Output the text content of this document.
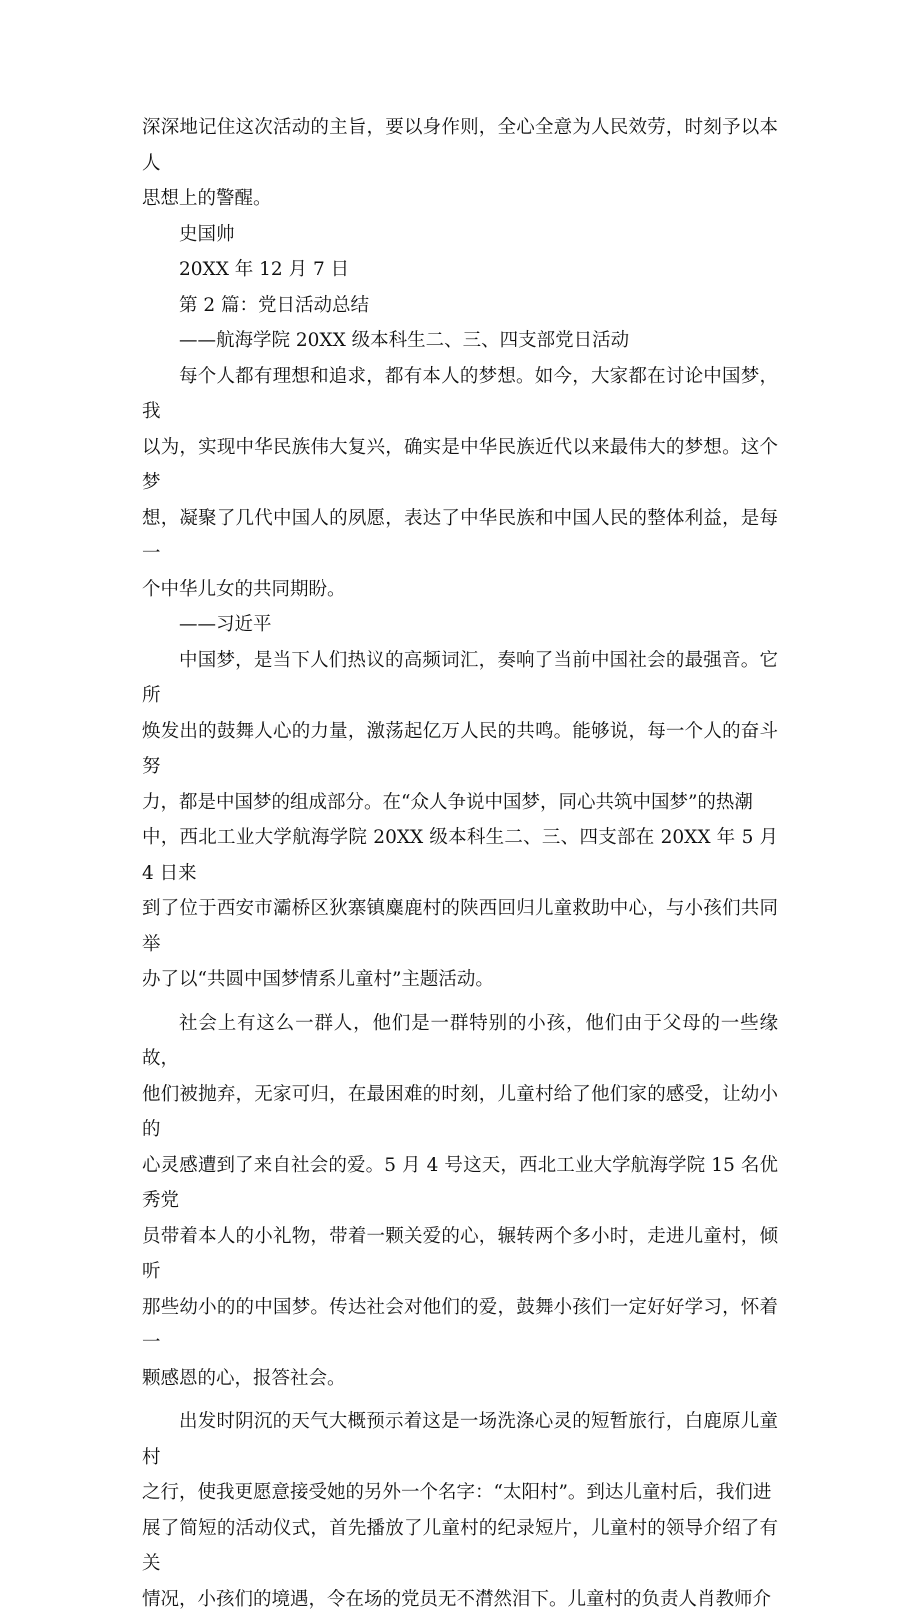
深深地记住这次活动的主旨，要以身作则，全心全意为人民效劳，时刻予以本人
思想上的警醒。

史国帅

20XX 年 12 月 7 日

第 2 篇：党日活动总结

——航海学院 20XX 级本科生二、三、四支部党日活动

每个人都有理想和追求，都有本人的梦想。如今，大家都在讨论中国梦，我
以为，实现中华民族伟大复兴，确实是中华民族近代以来最伟大的梦想。这个梦
想，凝聚了几代中国人的夙愿，表达了中华民族和中国人民的整体利益，是每一
个中华儿女的共同期盼。

——习近平

中国梦，是当下人们热议的高频词汇，奏响了当前中国社会的最强音。它所
焕发出的鼓舞人心的力量，激荡起亿万人民的共鸣。能够说，每一个人的奋斗努
力，都是中国梦的组成部分。在“众人争说中国梦，同心共筑中国梦”的热潮
中，西北工业大学航海学院 20XX 级本科生二、三、四支部在 20XX 年 5 月 4 日来
到了位于西安市灞桥区狄寨镇麋鹿村的陕西回归儿童救助中心，与小孩们共同举
办了以“共圆中国梦情系儿童村”主题活动。

社会上有这么一群人，他们是一群特别的小孩，他们由于父母的一些缘故，
他们被抛弃，无家可归，在最困难的时刻，儿童村给了他们家的感受，让幼小的
心灵感遭到了来自社会的爱。5 月 4 号这天，西北工业大学航海学院 15 名优秀党
员带着本人的小礼物，带着一颗关爱的心，辗转两个多小时，走进儿童村，倾听
那些幼小的的中国梦。传达社会对他们的爱，鼓舞小孩们一定好好学习，怀着一
颗感恩的心，报答社会。

出发时阴沉的天气大概预示着这是一场洗涤心灵的短暂旅行，白鹿原儿童村
之行，使我更愿意接受她的另外一个名字：“太阳村”。到达儿童村后，我们进
展了简短的活动仪式，首先播放了儿童村的纪录短片，儿童村的领导介绍了有关
情况，小孩们的境遇，令在场的党员无不潸然泪下。儿童村的负责人肖教师介
